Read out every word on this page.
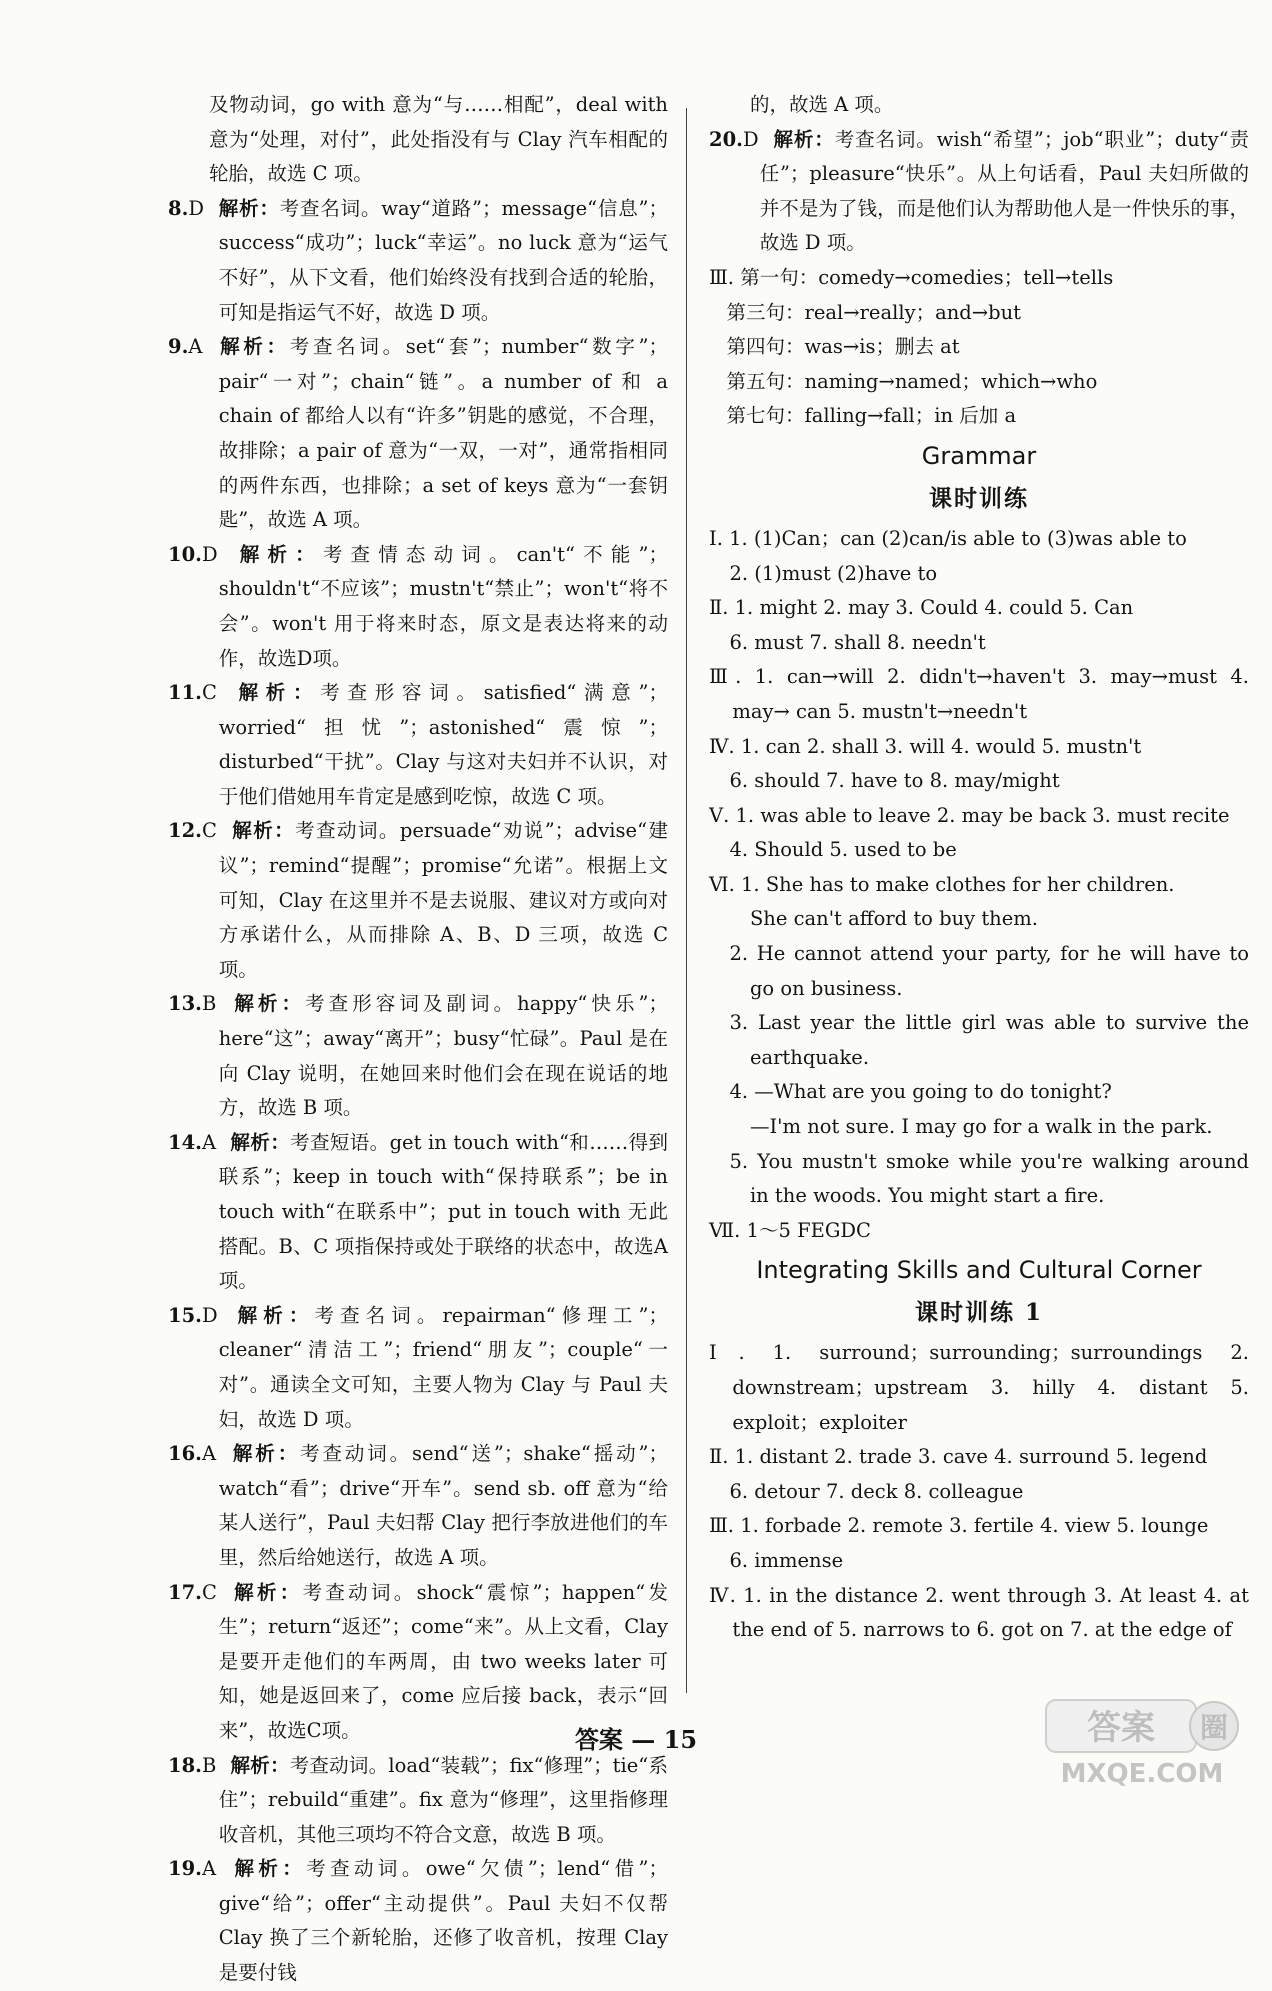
及物动词，go with 意为“与……相配”，deal with 意为“处理，对付”，此处指没有与 Clay 汽车相配的轮胎，故选 C 项。

8.D 解析：考查名词。way“道路”；message“信息”；success“成功”；luck“幸运”。no luck 意为“运气不好”，从下文看，他们始终没有找到合适的轮胎，可知是指运气不好，故选 D 项。

9.A 解析：考查名词。set“套”；number“数字”；pair“一对”；chain“链”。a number of 和 a chain of 都给人以有“许多”钥匙的感觉，不合理，故排除；a pair of 意为“一双，一对”，通常指相同的两件东西，也排除；a set of keys 意为“一套钥匙”，故选 A 项。

10.D 解析：考查情态动词。can't“不能”；shouldn't“不应该”；mustn't“禁止”；won't“将不会”。won't 用于将来时态，原文是表达将来的动作，故选D项。

11.C 解析：考查形容词。satisfied“满意”；worried“担忧”；astonished“震惊”；disturbed“干扰”。Clay 与这对夫妇并不认识，对于他们借她用车肯定是感到吃惊，故选 C 项。

12.C 解析：考查动词。persuade“劝说”；advise“建议”；remind“提醒”；promise“允诺”。根据上文可知，Clay 在这里并不是去说服、建议对方或向对方承诺什么，从而排除 A、B、D 三项，故选 C 项。

13.B 解析：考查形容词及副词。happy“快乐”；here“这”；away“离开”；busy“忙碌”。Paul 是在向 Clay 说明，在她回来时他们会在现在说话的地方，故选 B 项。

14.A 解析：考查短语。get in touch with“和……得到联系”；keep in touch with“保持联系”；be in touch with“在联系中”；put in touch with 无此搭配。B、C 项指保持或处于联络的状态中，故选A项。

15.D 解析：考查名词。repairman“修理工”；cleaner“清洁工”；friend“朋友”；couple“一对”。通读全文可知，主要人物为 Clay 与 Paul 夫妇，故选 D 项。

16.A 解析：考查动词。send“送”；shake“摇动”；watch“看”；drive“开车”。send sb. off 意为“给某人送行”，Paul 夫妇帮 Clay 把行李放进他们的车里，然后给她送行，故选 A 项。

17.C 解析：考查动词。shock“震惊”；happen“发生”；return“返还”；come“来”。从上文看，Clay 是要开走他们的车两周，由 two weeks later 可知，她是返回来了，come 应后接 back，表示“回来”，故选C项。

18.B 解析：考查动词。load“装载”；fix“修理”；tie“系住”；rebuild“重建”。fix 意为“修理”，这里指修理收音机，其他三项均不符合文意，故选 B 项。

19.A 解析：考查动词。owe“欠债”；lend“借”；give“给”；offer“主动提供”。Paul 夫妇不仅帮 Clay 换了三个新轮胎，还修了收音机，按理 Clay 是要付钱

的，故选 A 项。

20.D 解析：考查名词。wish“希望”；job“职业”；duty“责任”；pleasure“快乐”。从上句话看，Paul 夫妇所做的并不是为了钱，而是他们认为帮助他人是一件快乐的事，故选 D 项。

Ⅲ. 第一句：comedy→comedies；tell→tells

第三句：real→really；and→but

第四句：was→is；删去 at

第五句：naming→named；which→who

第七句：falling→fall；in 后加 a

Grammar
课时训练

Ⅰ. 1. (1)Can；can (2)can/is able to (3)was able to

2. (1)must (2)have to

Ⅱ. 1. might 2. may 3. Could 4. could 5. Can

6. must 7. shall 8. needn't

Ⅲ. 1. can→will 2. didn't→haven't 3. may→must 4. may→ can 5. mustn't→needn't

Ⅳ. 1. can 2. shall 3. will 4. would 5. mustn't

6. should 7. have to 8. may/might

Ⅴ. 1. was able to leave 2. may be back 3. must recite

4. Should 5. used to be

Ⅵ. 1. She has to make clothes for her children.

She can't afford to buy them.

2. He cannot attend your party, for he will have to go on business.

3. Last year the little girl was able to survive the earthquake.

4. —What are you going to do tonight?

—I'm not sure. I may go for a walk in the park.

5. You mustn't smoke while you're walking around in the woods. You might start a fire.

Ⅶ. 1～5 FEGDC

Integrating Skills and Cultural Corner
课时训练 1

Ⅰ. 1. surround；surrounding；surroundings 2. downstream；upstream 3. hilly 4. distant 5. exploit；exploiter

Ⅱ. 1. distant 2. trade 3. cave 4. surround 5. legend

6. detour 7. deck 8. colleague

Ⅲ. 1. forbade 2. remote 3. fertile 4. view 5. lounge

6. immense

Ⅳ. 1. in the distance 2. went through 3. At least 4. at the end of 5. narrows to 6. got on 7. at the edge of

答案 — 15	答案 圈
MXQE.COM
